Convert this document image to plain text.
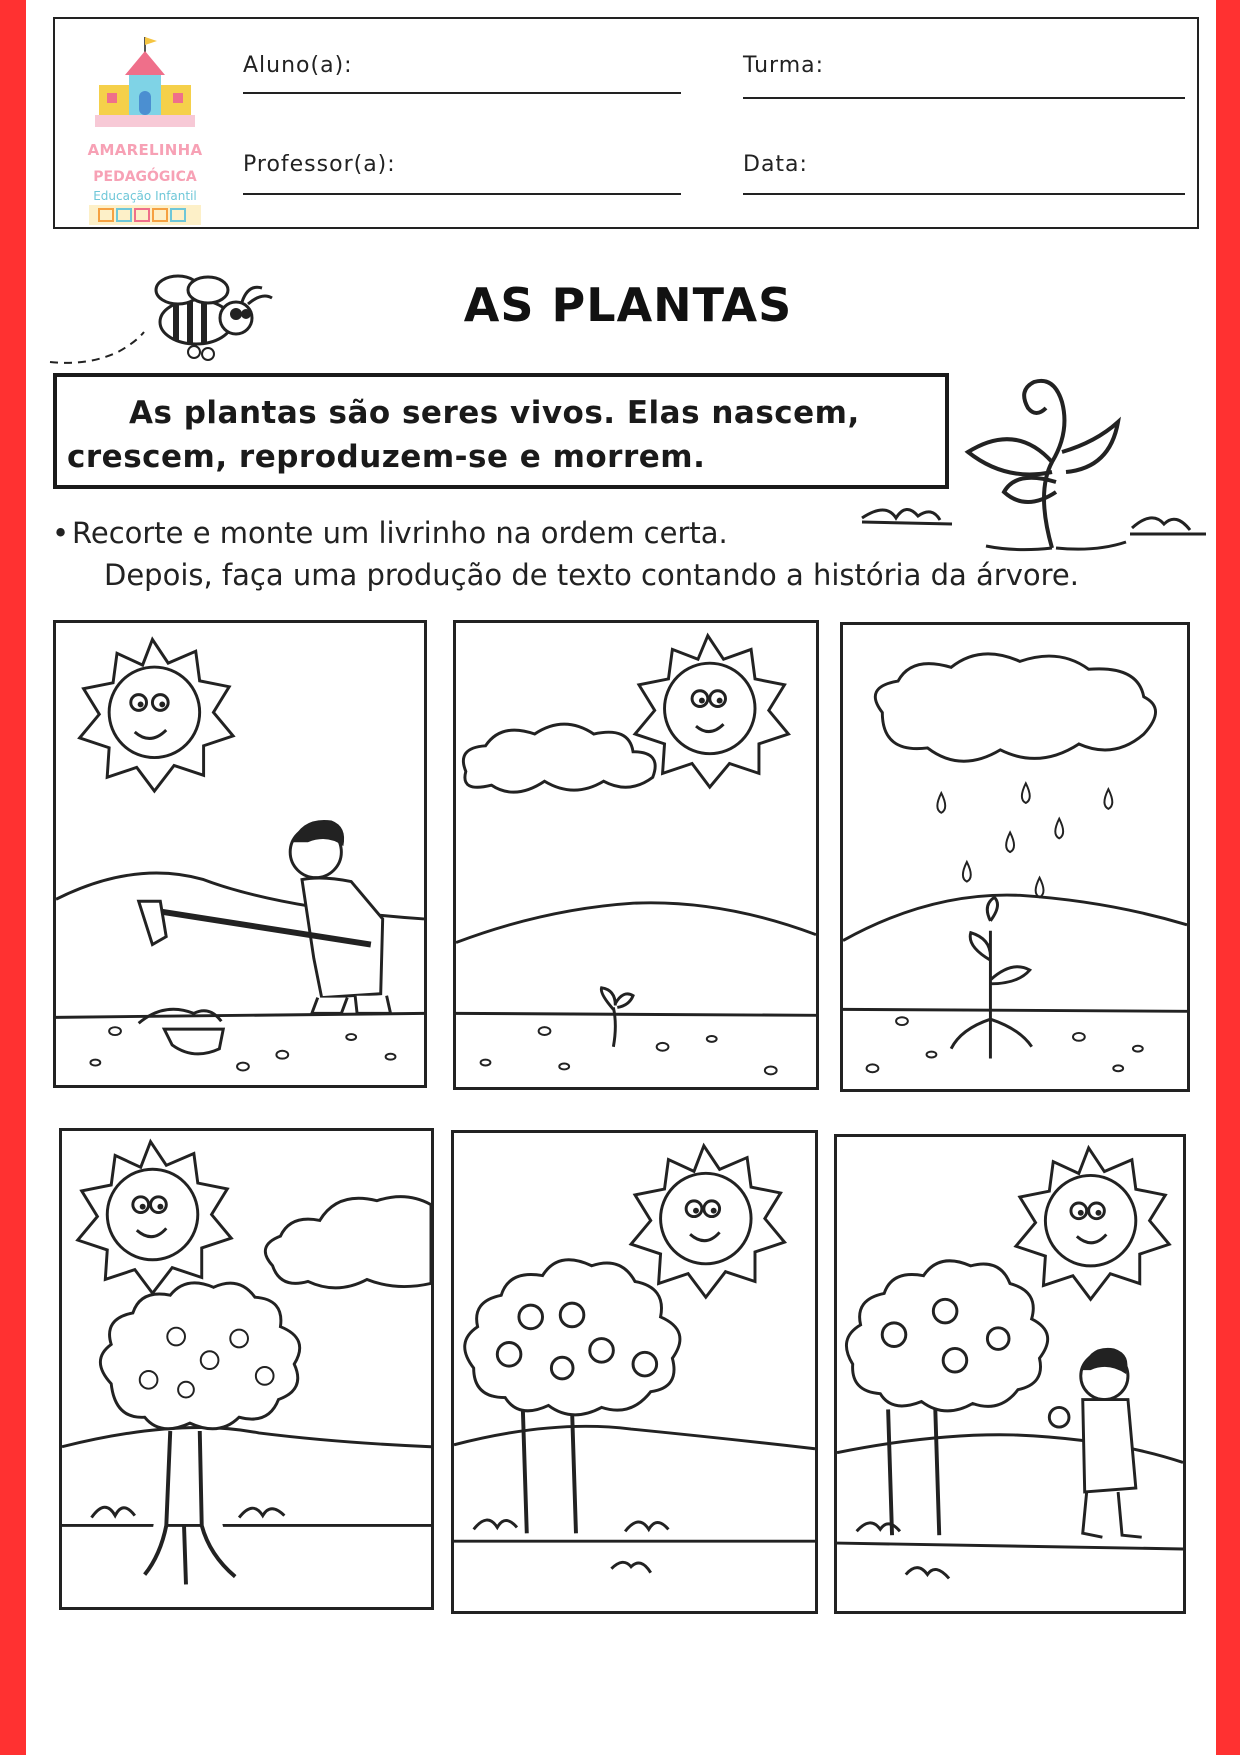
AMARELINHA
PEDAGÓGICA
Educação Infantil
Aluno(a):	Turma:
Professor(a):	Data:
AS PLANTAS
As plantas são seres vivos. Elas nascem, crescem, reproduzem-se e morrem.
• Recorte e monte um livrinho na ordem certa.
Depois, faça uma produção de texto contando a história da árvore.
